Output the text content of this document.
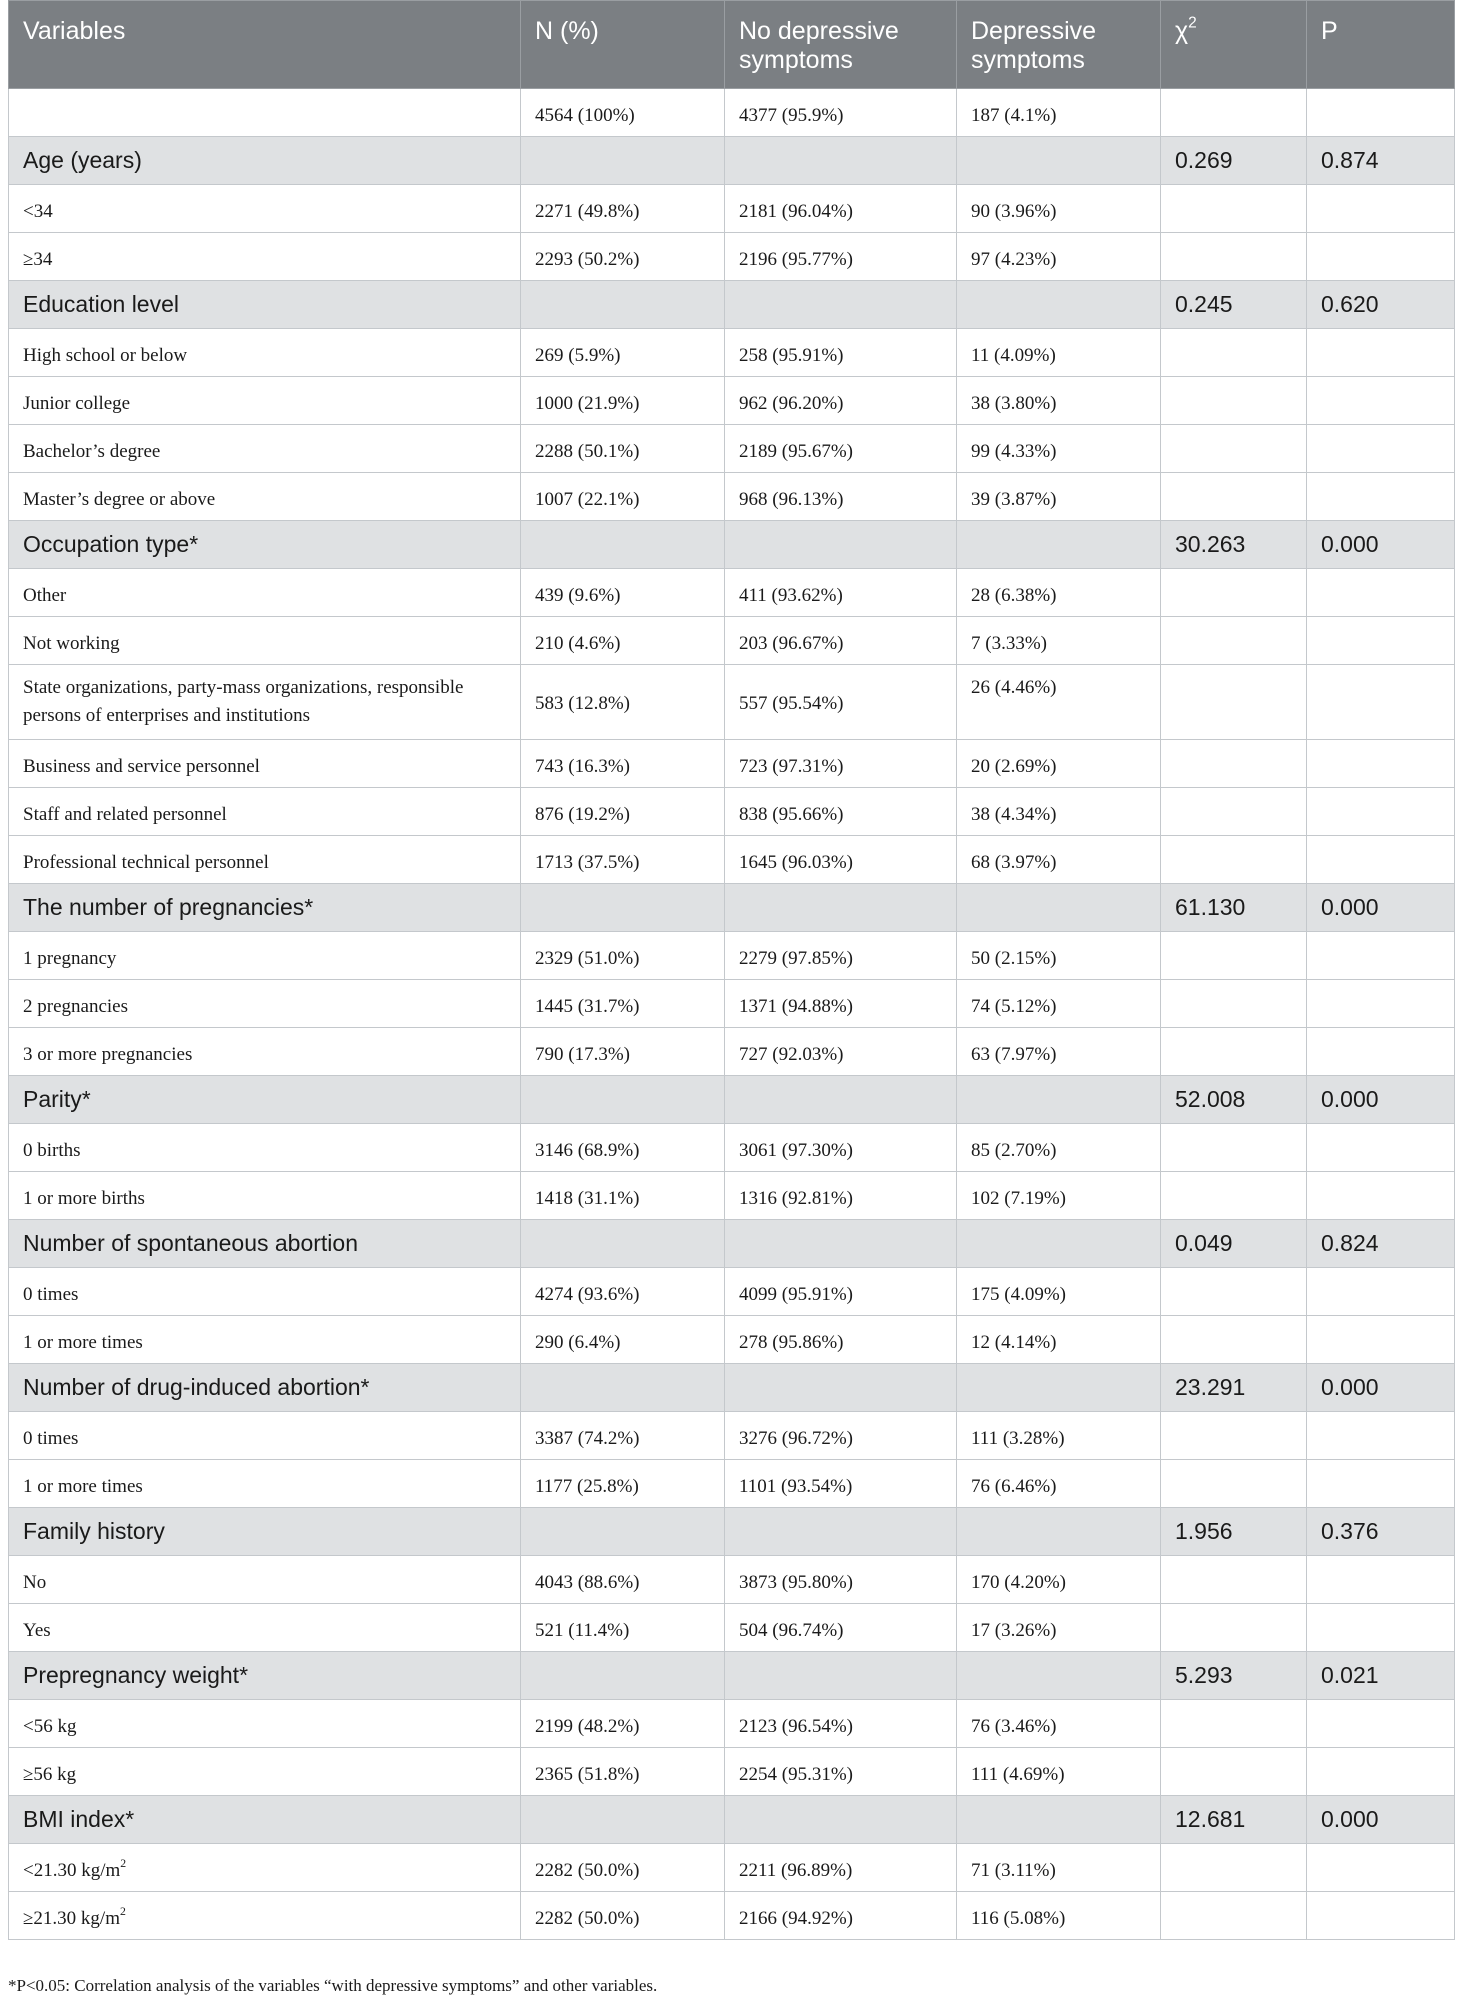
Variables	N (%)	No depressive symptoms	Depressive symptoms	$\chi^2$	P
	4564 (100%)	4377 (95.9%)	187 (4.1%)		
Age (years)				0.269	0.874
<34	2271 (49.8%)	2181 (96.04%)	90 (3.96%)		
≥34	2293 (50.2%)	2196 (95.77%)	97 (4.23%)		
Education level				0.245	0.620
High school or below	269 (5.9%)	258 (95.91%)	11 (4.09%)		
Junior college	1000 (21.9%)	962 (96.20%)	38 (3.80%)		
Bachelor’s degree	2288 (50.1%)	2189 (95.67%)	99 (4.33%)		
Master’s degree or above	1007 (22.1%)	968 (96.13%)	39 (3.87%)		
Occupation type*				30.263	0.000
Other	439 (9.6%)	411 (93.62%)	28 (6.38%)		
Not working	210 (4.6%)	203 (96.67%)	7 (3.33%)		
State organizations, party-mass organizations, responsible persons of enterprises and institutions	583 (12.8%)	557 (95.54%)	26 (4.46%)		
Business and service personnel	743 (16.3%)	723 (97.31%)	20 (2.69%)		
Staff and related personnel	876 (19.2%)	838 (95.66%)	38 (4.34%)		
Professional technical personnel	1713 (37.5%)	1645 (96.03%)	68 (3.97%)		
The number of pregnancies*				61.130	0.000
1 pregnancy	2329 (51.0%)	2279 (97.85%)	50 (2.15%)		
2 pregnancies	1445 (31.7%)	1371 (94.88%)	74 (5.12%)		
3 or more pregnancies	790 (17.3%)	727 (92.03%)	63 (7.97%)		
Parity*				52.008	0.000
0 births	3146 (68.9%)	3061 (97.30%)	85 (2.70%)		
1 or more births	1418 (31.1%)	1316 (92.81%)	102 (7.19%)		
Number of spontaneous abortion				0.049	0.824
0 times	4274 (93.6%)	4099 (95.91%)	175 (4.09%)		
1 or more times	290 (6.4%)	278 (95.86%)	12 (4.14%)		
Number of drug-induced abortion*				23.291	0.000
0 times	3387 (74.2%)	3276 (96.72%)	111 (3.28%)		
1 or more times	1177 (25.8%)	1101 (93.54%)	76 (6.46%)		
Family history				1.956	0.376
No	4043 (88.6%)	3873 (95.80%)	170 (4.20%)		
Yes	521 (11.4%)	504 (96.74%)	17 (3.26%)		
Prepregnancy weight*				5.293	0.021
<56 kg	2199 (48.2%)	2123 (96.54%)	76 (3.46%)		
≥56 kg	2365 (51.8%)	2254 (95.31%)	111 (4.69%)		
BMI index*				12.681	0.000
<21.30 $kg/m^2$	2282 (50.0%)	2211 (96.89%)	71 (3.11%)		
≥21.30 $kg/m^2$	2282 (50.0%)	2166 (94.92%)	116 (5.08%)		
*P<0.05: Correlation analysis of the variables “with depressive symptoms” and other variables.
